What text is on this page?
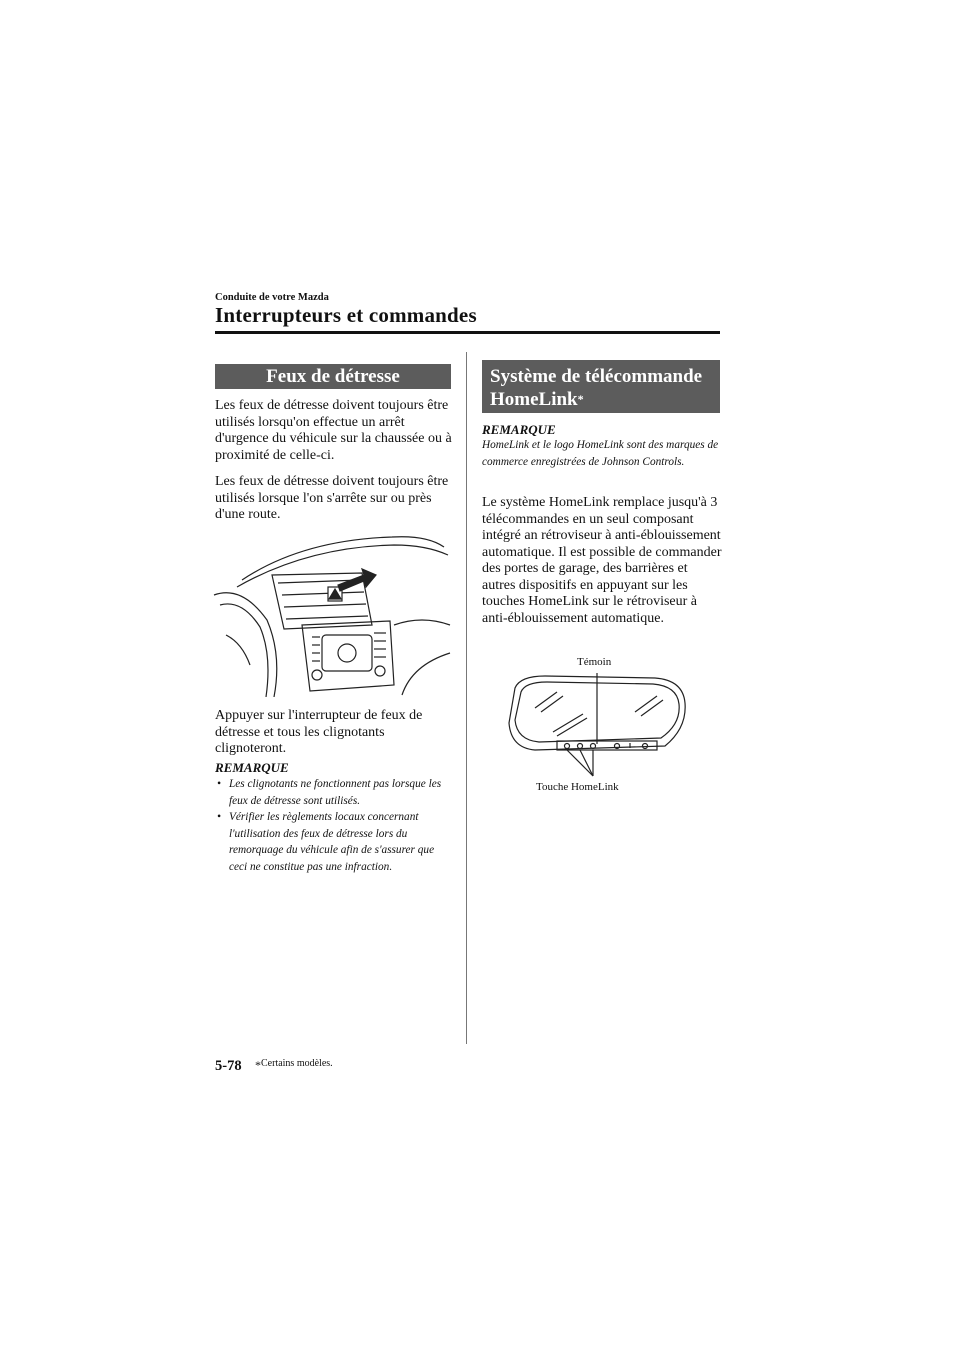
Conduite de votre Mazda
Interrupteurs et commandes
Feux de détresse
Les feux de détresse doivent toujours être utilisés lorsqu'on effectue un arrêt d'urgence du véhicule sur la chaussée ou à proximité de celle-ci.
Les feux de détresse doivent toujours être utilisés lorsque l'on s'arrête sur ou près d'une route.
Appuyer sur l'interrupteur de feux de détresse et tous les clignotants clignoteront.
REMARQUE
• Les clignotants ne fonctionnent pas lorsque les feux de détresse sont utilisés.
• Vérifier les règlements locaux concernant l'utilisation des feux de détresse lors du remorquage du véhicule afin de s'assurer que ceci ne constitue pas une infraction.
Système de télécommande
HomeLink*
REMARQUE
HomeLink et le logo HomeLink sont des marques de commerce enregistrées de Johnson Controls.
Le système HomeLink remplace jusqu'à 3 télécommandes en un seul composant intégré an rétroviseur à anti-éblouissement automatique. Il est possible de commander des portes de garage, des barrières et autres dispositifs en appuyant sur les touches HomeLink sur le rétroviseur à anti-éblouissement automatique.
Témoin
Touche HomeLink
5-78 *Certains modèles.
